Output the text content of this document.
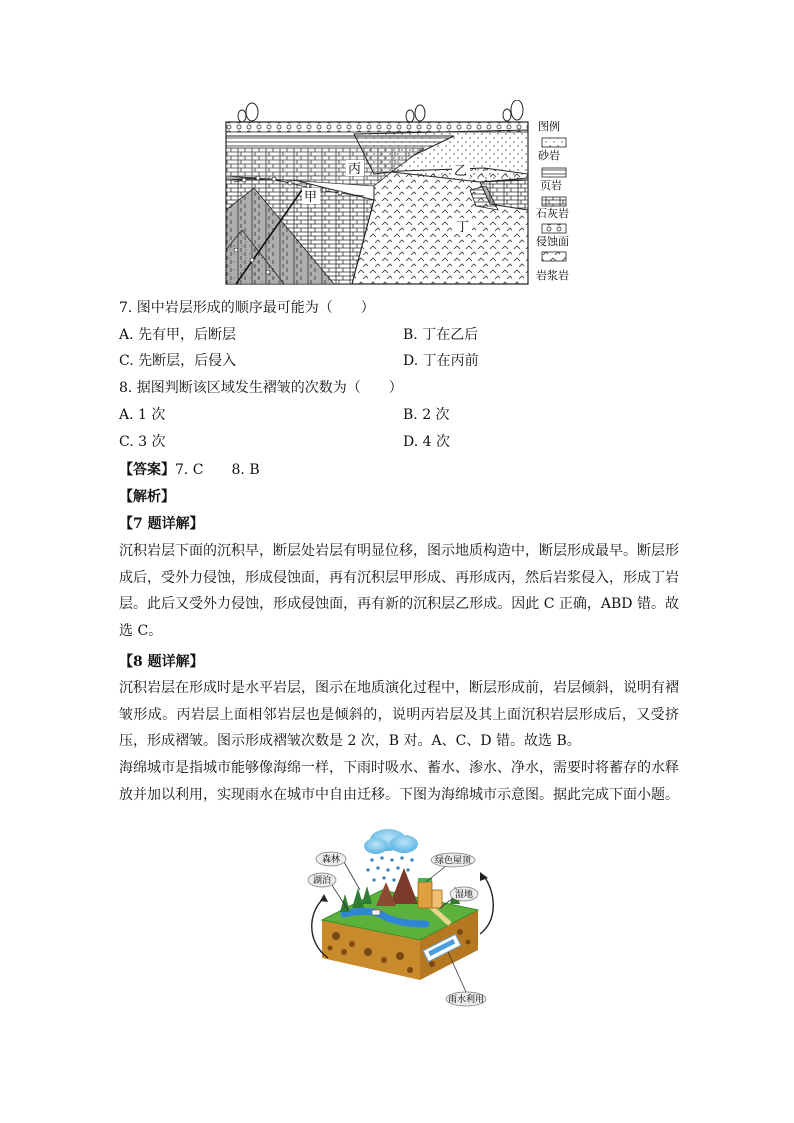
丙	乙
甲
丁
图例
砂岩
页岩
石灰岩
侵蚀面
岩浆岩
7. 图中岩层形成的顺序最可能为（　　）
A. 先有甲，后断层	B. 丁在乙后
C. 先断层，后侵入	D. 丁在丙前
8. 据图判断该区域发生褶皱的次数为（　　）
A. 1 次	B. 2 次
C. 3 次	D. 4 次
【答案】7. C　　8. B
【解析】
【7 题详解】
沉积岩层下面的沉积早，断层处岩层有明显位移，图示地质构造中，断层形成最早。断层形成后，受外力侵蚀，形成侵蚀面，再有沉积层甲形成、再形成丙，然后岩浆侵入，形成丁岩层。此后又受外力侵蚀，形成侵蚀面，再有新的沉积层乙形成。因此 C 正确，ABD 错。故选 C。
【8 题详解】
沉积岩层在形成时是水平岩层，图示在地质演化过程中，断层形成前，岩层倾斜，说明有褶皱形成。丙岩层上面相邻岩层也是倾斜的，说明丙岩层及其上面沉积岩层形成后，又受挤压，形成褶皱。图示形成褶皱次数是 2 次，B 对。A、C、D 错。故选 B。
海绵城市是指城市能够像海绵一样，下雨时吸水、蓄水、渗水、净水，需要时将蓄存的水释放并加以利用，实现雨水在城市中自由迁移。下图为海绵城市示意图。据此完成下面小题。
森林
湖泊
绿色屋顶
湿地
雨水利用
